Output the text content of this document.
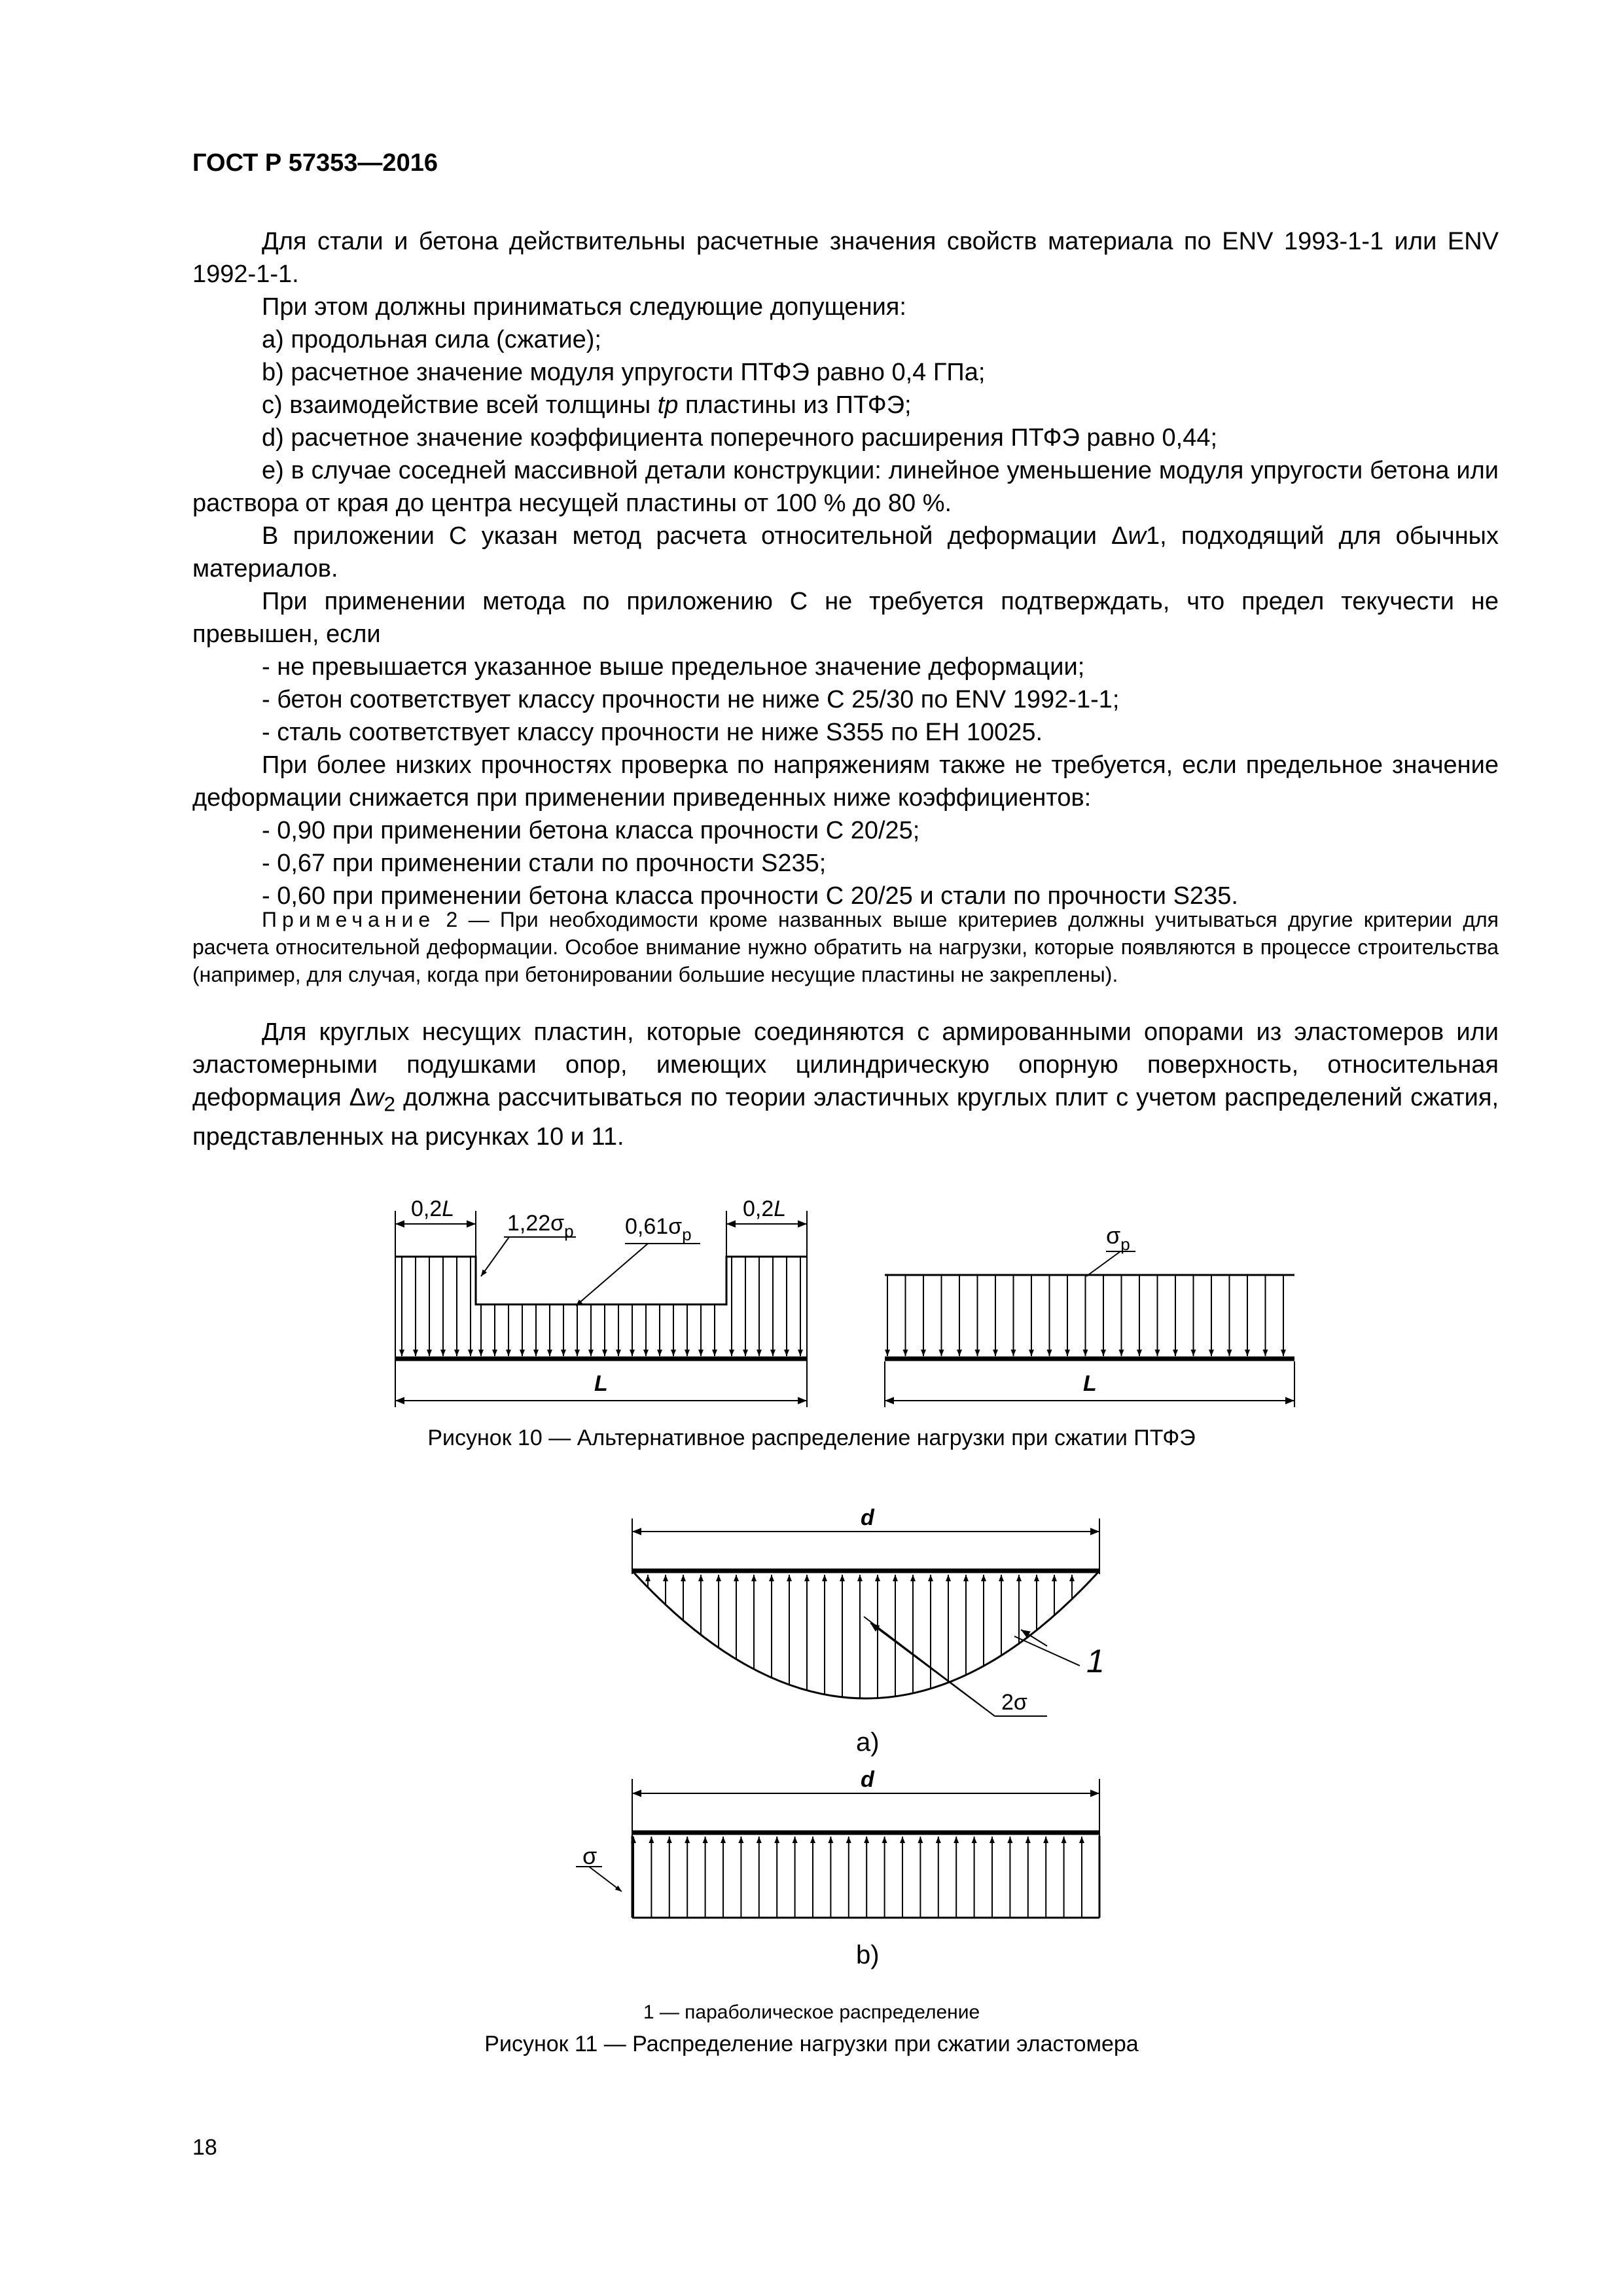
ГОСТ Р 57353—2016

Для стали и бетона действительны расчетные значения свойств материала по ENV 1993-1-1 или ENV 1992-1-1.

При этом должны приниматься следующие допущения:

a) продольная сила (сжатие);

b) расчетное значение модуля упругости ПТФЭ равно 0,4 ГПа;

c) взаимодействие всей толщины tp пластины из ПТФЭ;

d) расчетное значение коэффициента поперечного расширения ПТФЭ равно 0,44;

e) в случае соседней массивной детали конструкции: линейное уменьшение модуля упругости бетона или раствора от края до центра несущей пластины от 100 % до 80 %.

В приложении С указан метод расчета относительной деформации Δw1, подходящий для обычных материалов.

При применении метода по приложению С не требуется подтверждать, что предел текучести не превышен, если

- не превышается указанное выше предельное значение деформации;

- бетон соответствует классу прочности не ниже С 25/30 по ENV 1992-1-1;

- сталь соответствует классу прочности не ниже S355 по ЕН 10025.

При более низких прочностях проверка по напряжениям также не требуется, если предельное значение деформации снижается при применении приведенных ниже коэффициентов:

- 0,90 при применении бетона класса прочности С 20/25;

- 0,67 при применении стали по прочности S235;

- 0,60 при применении бетона класса прочности С 20/25 и стали по прочности S235.

Примечание 2 — При необходимости кроме названных выше критериев должны учитываться другие критерии для расчета относительной деформации. Особое внимание нужно обратить на нагрузки, которые появляются в процессе строительства (например, для случая, когда при бетонировании большие несущие пластины не закреплены).

Для круглых несущих пластин, которые соединяются с армированными опорами из эластомеров или эластомерными подушками опор, имеющих цилиндрическую опорную поверхность, относительная деформация $\Delta w_2$ должна рассчитываться по теории эластичных круглых плит с учетом распределений сжатия, представленных на рисунках 10 и 11.

0,2L	0,2L
$1,22\sigma_p$ $0,61\sigma_p$
L	L
$\sigma_p$
d
1
2σ
a)
d
σ
b)
Рисунок 10 — Альтернативное распределение нагрузки при сжатии ПТФЭ
1 — параболическое распределение
Рисунок 11 — Распределение нагрузки при сжатии эластомера
18
